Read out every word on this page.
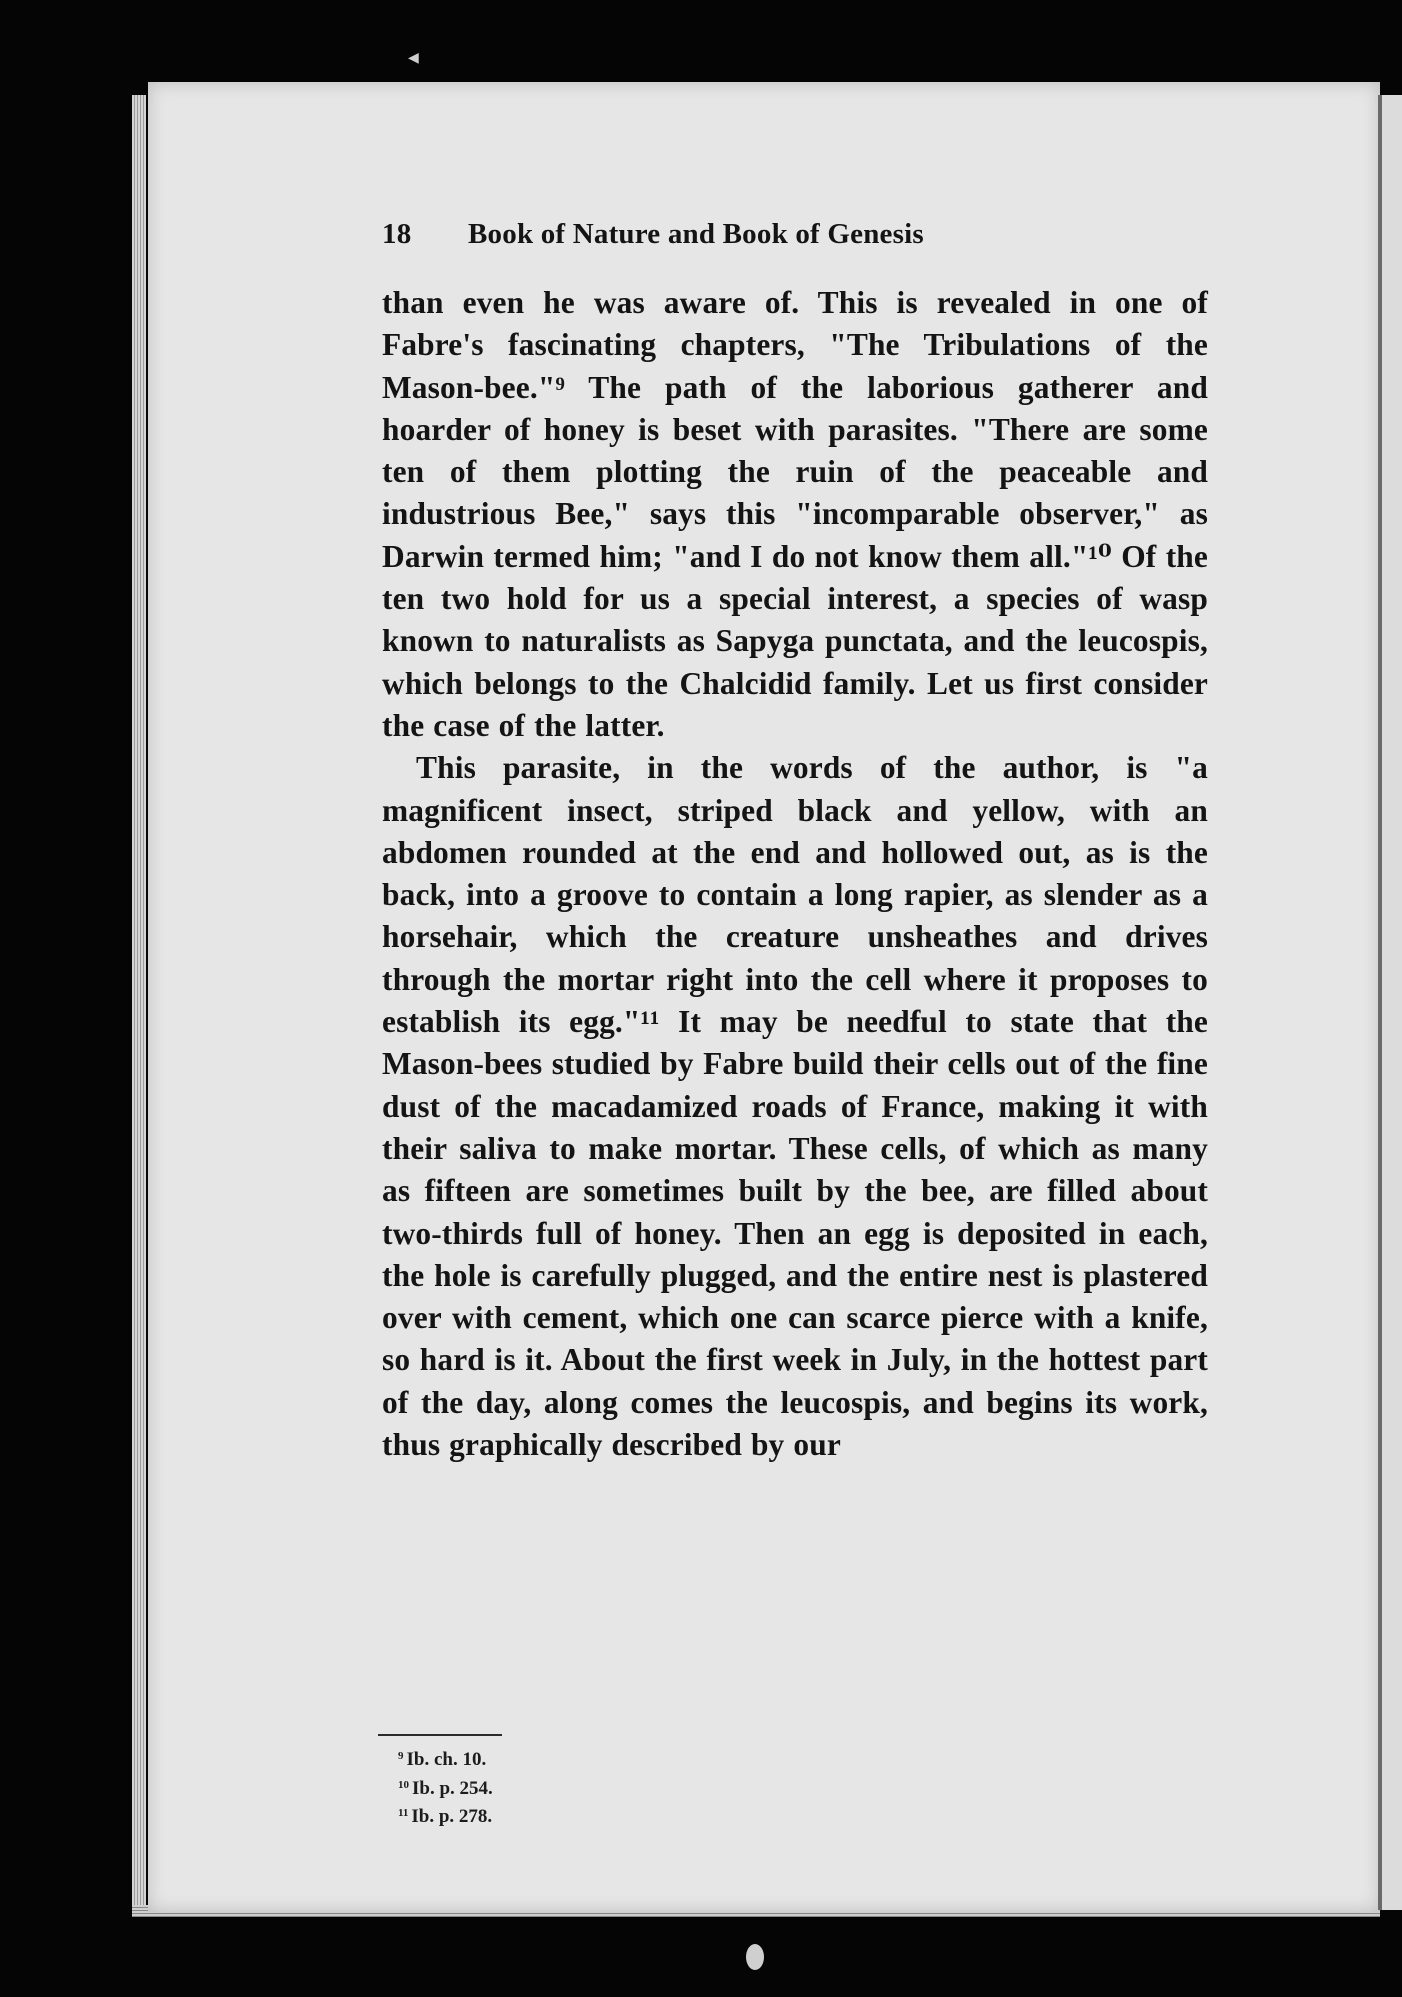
◀
18	Book of Nature and Book of Genesis

than even he was aware of. This is revealed in one of Fabre's fascinating chapters, "The Tribulations of the Mason-bee."⁹ The path of the laborious gatherer and hoarder of honey is beset with parasites. "There are some ten of them plotting the ruin of the peaceable and industrious Bee," says this "incomparable observer," as Darwin termed him; "and I do not know them all."¹⁰ Of the ten two hold for us a special interest, a species of wasp known to naturalists as Sapyga punctata, and the leucospis, which belongs to the Chalcidid family. Let us first consider the case of the latter.

This parasite, in the words of the author, is "a magnificent insect, striped black and yellow, with an abdomen rounded at the end and hollowed out, as is the back, into a groove to contain a long rapier, as slender as a horsehair, which the creature unsheathes and drives through the mortar right into the cell where it proposes to establish its egg."¹¹ It may be needful to state that the Mason-bees studied by Fabre build their cells out of the fine dust of the macadamized roads of France, making it with their saliva to make mortar. These cells, of which as many as fifteen are sometimes built by the bee, are filled about two-thirds full of honey. Then an egg is deposited in each, the hole is carefully plugged, and the entire nest is plastered over with cement, which one can scarce pierce with a knife, so hard is it. About the first week in July, in the hottest part of the day, along comes the leucospis, and begins its work, thus graphically described by our

$^9$ Ib. ch. 10.
$^{10}$ Ib. p. 254.
$^{11}$ Ib. p. 278.
